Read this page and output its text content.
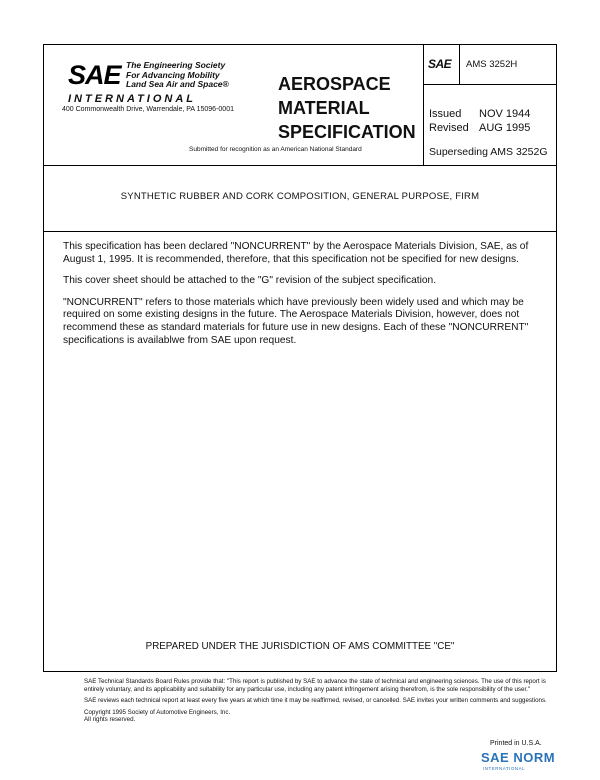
SAE The Engineering Society
For Advancing Mobility
Land Sea Air and Space®
INTERNATIONAL
400 Commonwealth Drive, Warrendale, PA 15096-0001
AEROSPACE
MATERIAL
SPECIFICATION
Submitted for recognition as an American National Standard
SAE AMS 3252H
Issued NOV 1944
Revised AUG 1995
Superseding AMS 3252G
SYNTHETIC RUBBER AND CORK COMPOSITION, GENERAL PURPOSE, FIRM

This specification has been declared "NONCURRENT" by the Aerospace Materials Division, SAE, as of August 1, 1995. It is recommended, therefore, that this specification not be specified for new designs.

This cover sheet should be attached to the "G" revision of the subject specification.

"NONCURRENT" refers to those materials which have previously been widely used and which may be required on some existing designs in the future. The Aerospace Materials Division, however, does not recommend these as standard materials for future use in new designs. Each of these "NONCURRENT" specifications is availablwe from SAE upon request.

PREPARED UNDER THE JURISDICTION OF AMS COMMITTEE "CE"

SAE Technical Standards Board Rules provide that: "This report is published by SAE to advance the state of technical and engineering sciences. The use of this report is entirely voluntary, and its applicability and suitability for any particular use, including any patent infringement arising therefrom, is the sole responsibility of the user."

SAE reviews each technical report at least every five years at which time it may be reaffirmed, revised, or cancelled. SAE invites your written comments and suggestions.

Copyright 1995 Society of Automotive Engineers, Inc.
All rights reserved.
Printed in U.S.A.
SAE NORM
INTERNATIONAL
